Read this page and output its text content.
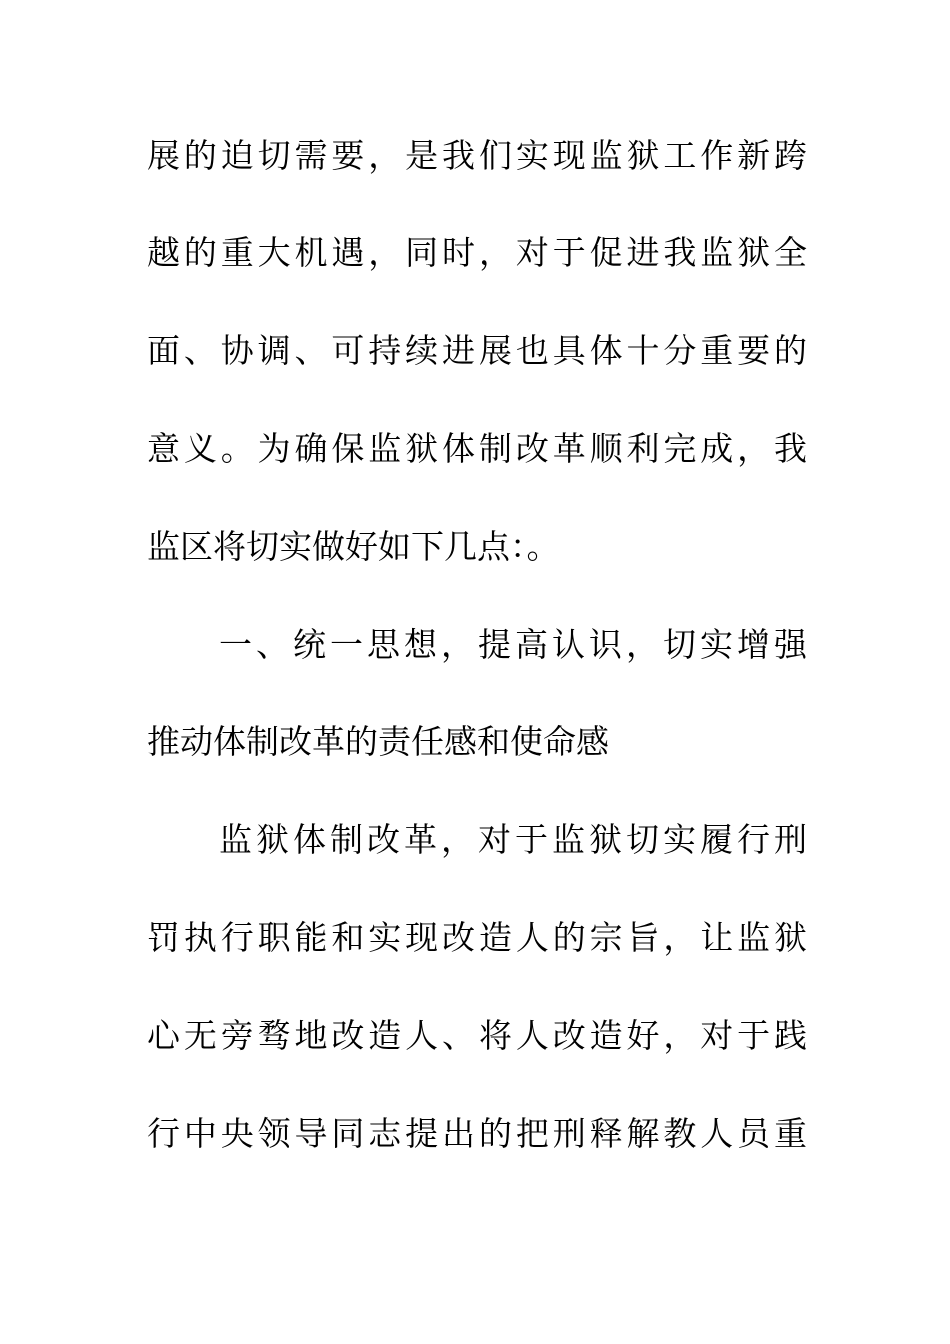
展的迫切需要，是我们实现监狱工作新跨
越的重大机遇，同时，对于促进我监狱全
面、协调、可持续进展也具体十分重要的
意义。为确保监狱体制改革顺利完成，我
监区将切实做好如下几点：。
一、统一思想，提高认识，切实增强
推动体制改革的责任感和使命感
监狱体制改革，对于监狱切实履行刑
罚执行职能和实现改造人的宗旨，让监狱
心无旁骛地改造人、将人改造好，对于践
行中央领导同志提出的把刑释解教人员重
